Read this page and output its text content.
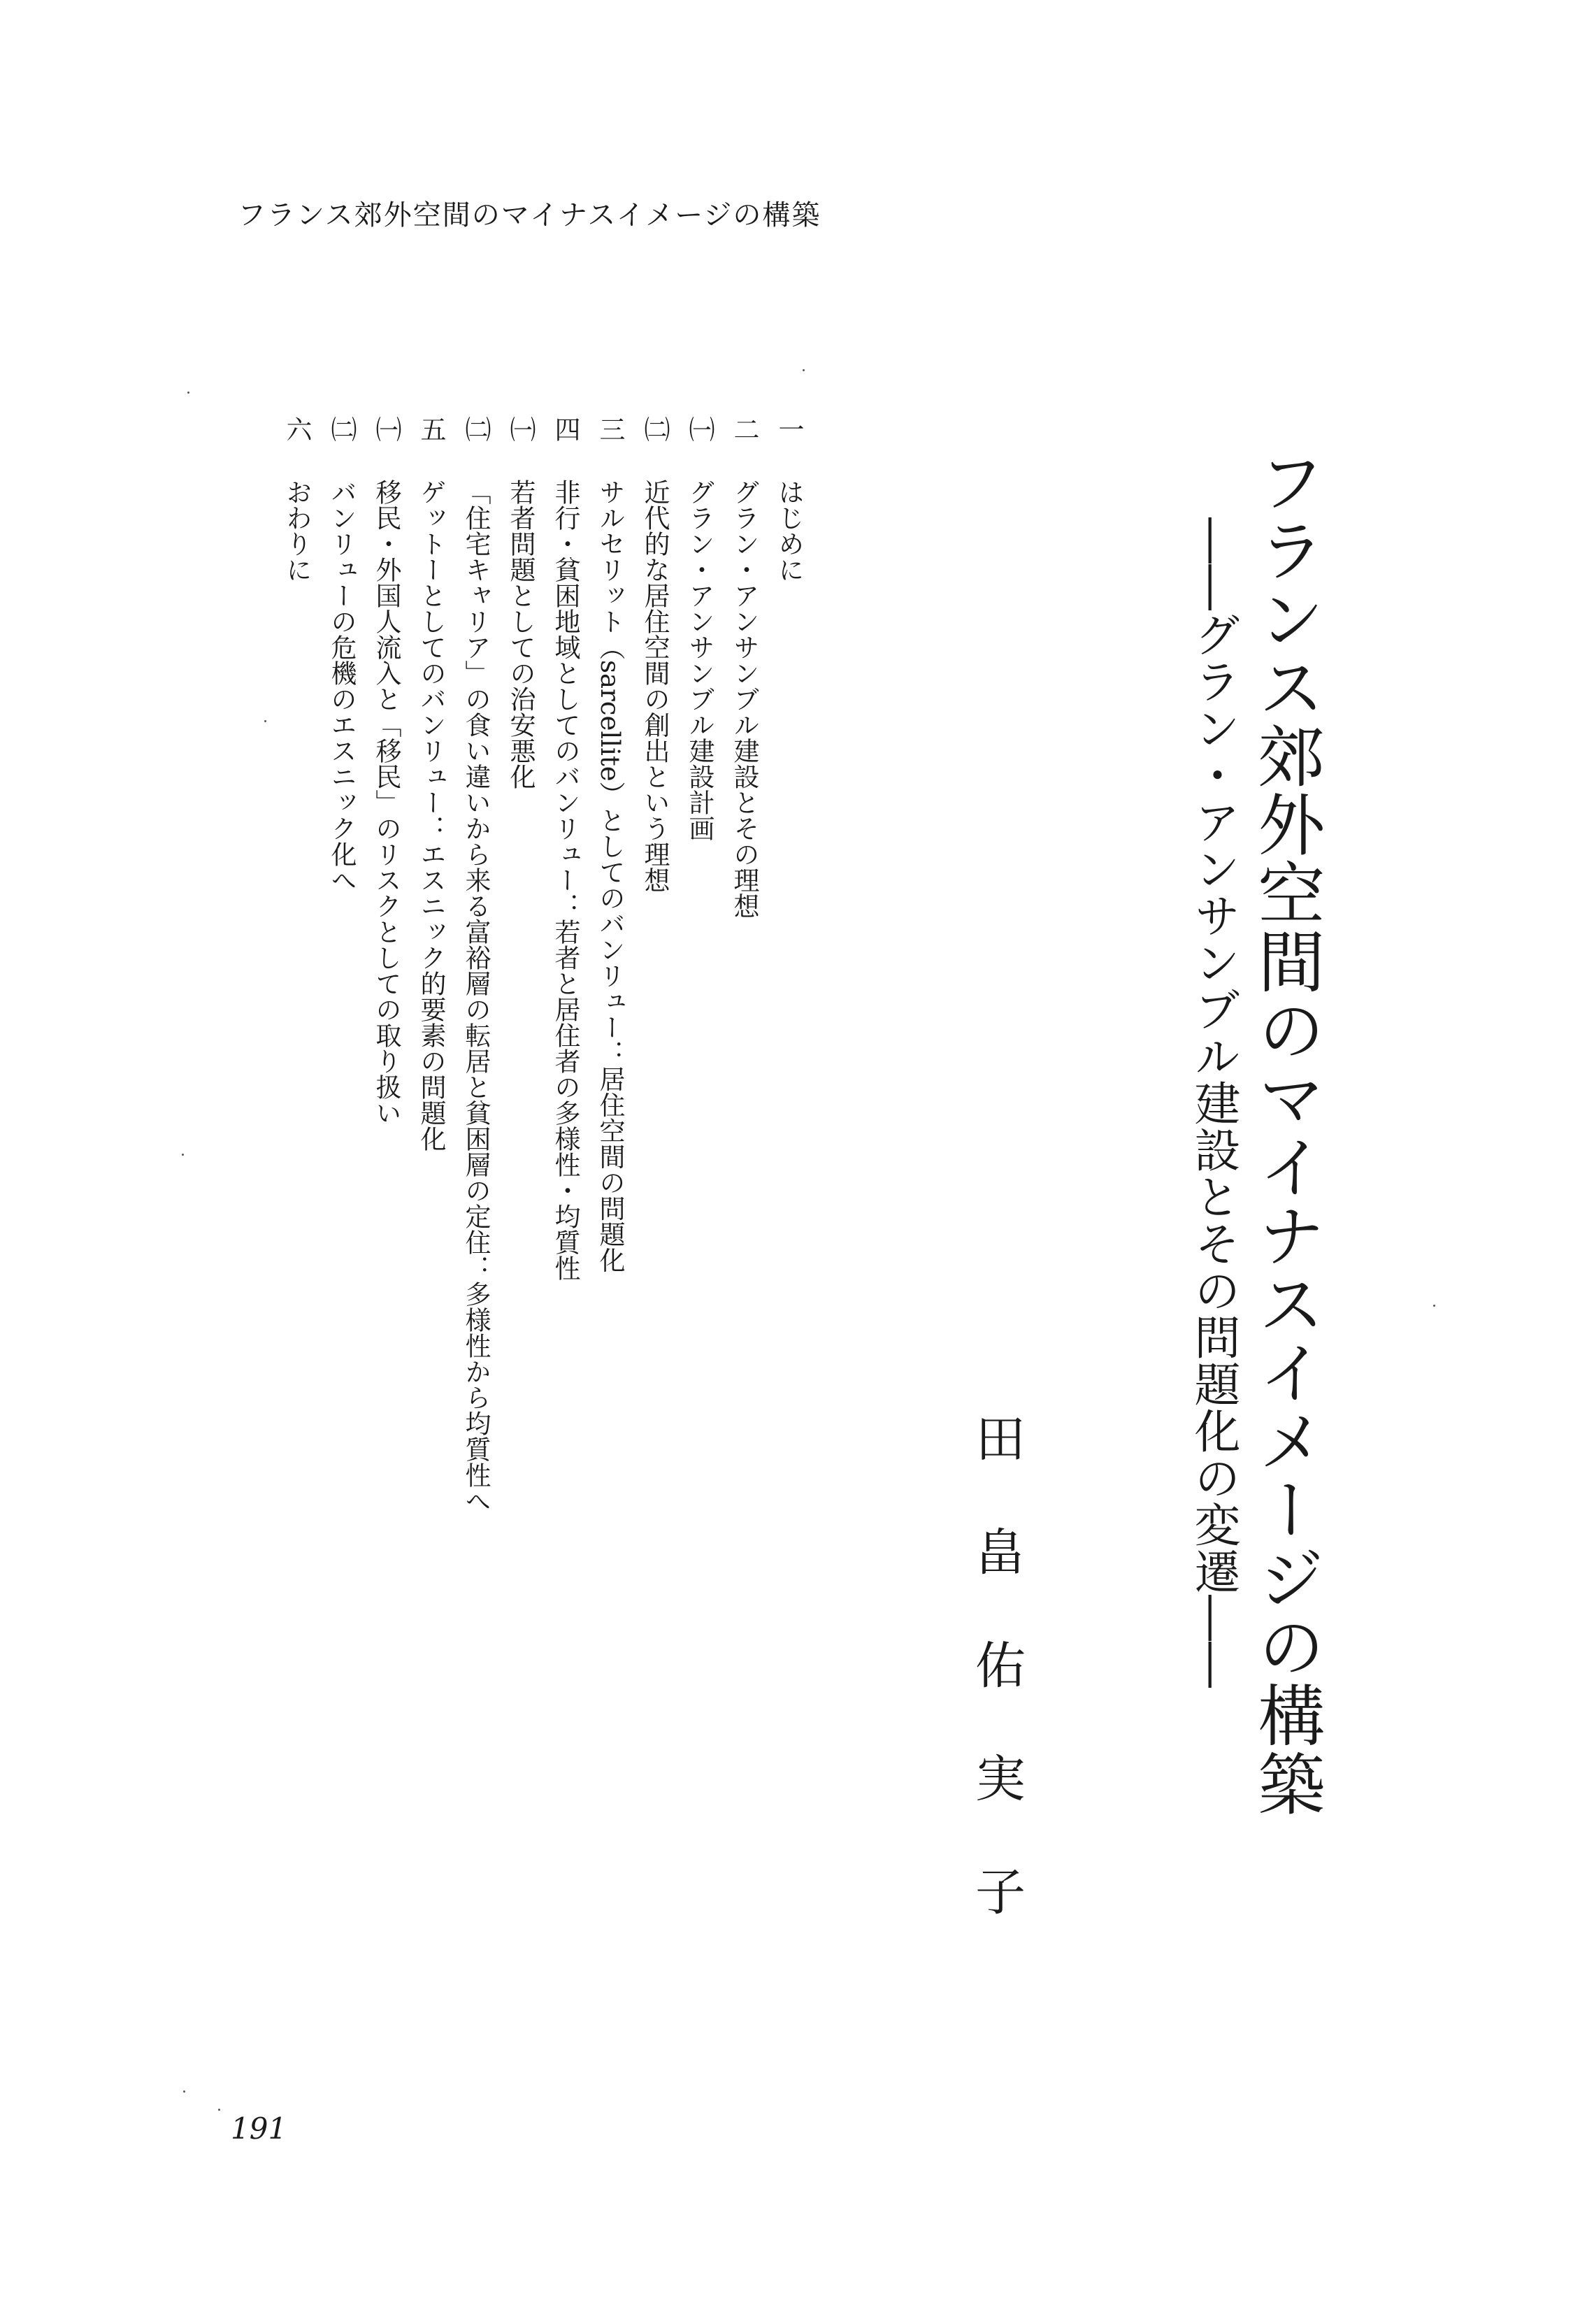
フランス郊外空間のマイナスイメージの構築
フランス郊外空間のマイナスイメージの構築
――グラン・アンサンブル建設とその問題化の変遷――
田畠佑実子
一
はじめに
二
グラン・アンサンブル建設とその理想
㈠
グラン・アンサンブル建設計画
㈡
近代的な居住空間の創出という理想
三
サルセリット（sarcellite）としてのバンリュー：居住空間の問題化
四
非行・貧困地域としてのバンリュー：若者と居住者の多様性・均質性
㈠
若者問題としての治安悪化
㈡
「住宅キャリア」の食い違いから来る富裕層の転居と貧困層の定住：多様性から均質性へ
五
ゲットーとしてのバンリュー：エスニック的要素の問題化
㈠
移民・外国人流入と「移民」のリスクとしての取り扱い
㈡
バンリューの危機のエスニック化へ
六
おわりに
191
